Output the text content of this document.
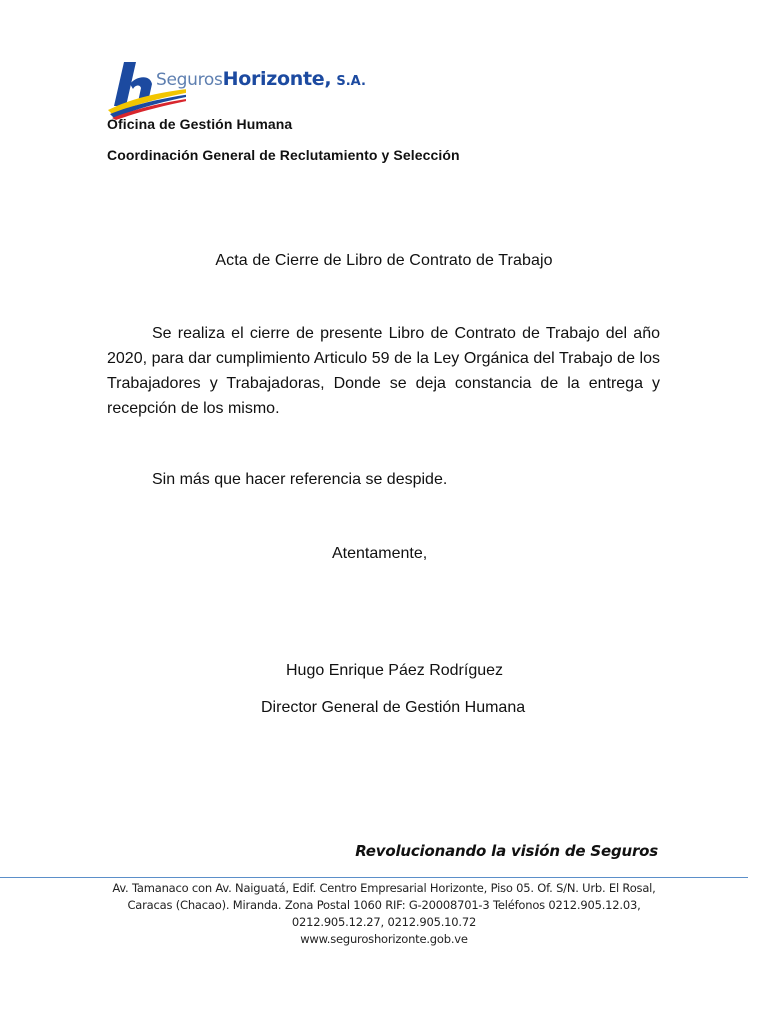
SegurosHorizonte, S.A.
Oficina de Gestión Humana
Coordinación General de Reclutamiento y Selección
Acta de Cierre de Libro de Contrato de Trabajo

Se realiza el cierre de presente Libro de Contrato de Trabajo del año 2020, para dar cumplimiento Articulo 59 de la Ley Orgánica del Trabajo de los Trabajadores y Trabajadoras, Donde se deja constancia de la entrega y recepción de los mismo.

Sin más que hacer referencia se despide.
Atentamente,
Hugo Enrique Páez Rodríguez
Director General de Gestión Humana
Revolucionando la visión de Seguros
Av. Tamanaco con Av. Naiguatá, Edif. Centro Empresarial Horizonte, Piso 05. Of. S/N. Urb. El Rosal,
Caracas (Chacao). Miranda. Zona Postal 1060 RIF: G-20008701-3 Teléfonos 0212.905.12.03,
0212.905.12.27, 0212.905.10.72
www.seguroshorizonte.gob.ve
